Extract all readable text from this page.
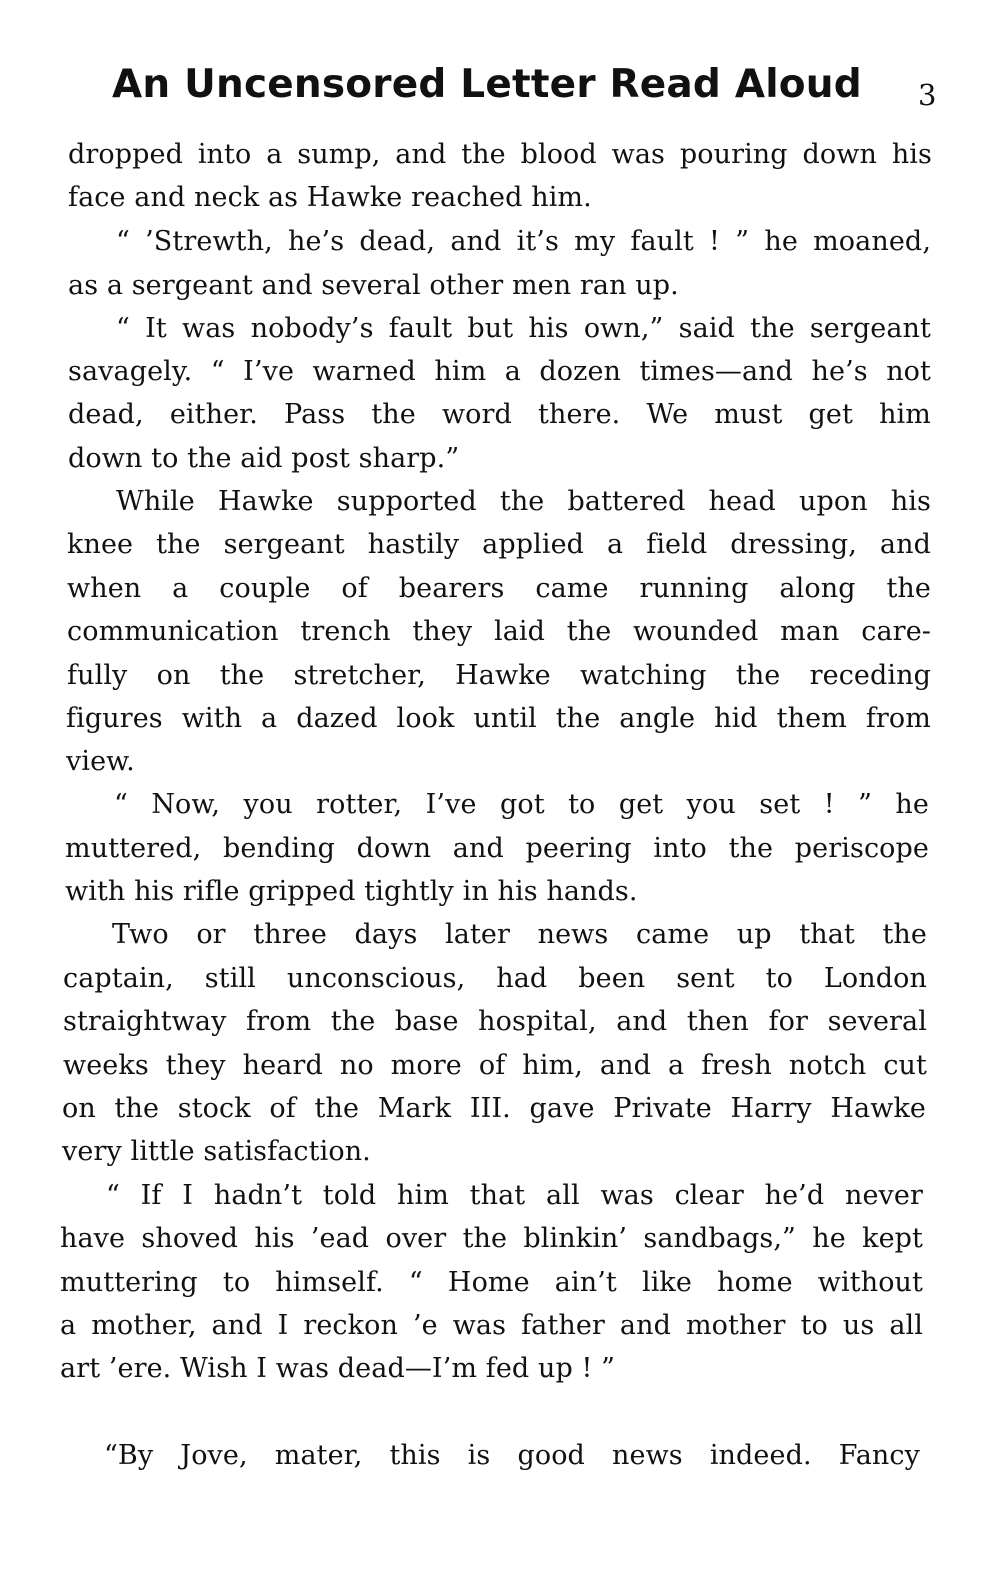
An Uncensored Letter Read Aloud 3
dropped into a sump, and the blood was pouring down his
face and neck as Hawke reached him.
“ ’Strewth, he’s dead, and it’s my fault ! ” he moaned,
as a sergeant and several other men ran up.
“ It was nobody’s fault but his own,” said the sergeant
savagely. “ I’ve warned him a dozen times—and he’s not
dead, either. Pass the word there. We must get him
down to the aid post sharp.”
While Hawke supported the battered head upon his
knee the sergeant hastily applied a field dressing, and
when a couple of bearers came running along the
communication trench they laid the wounded man care-
fully on the stretcher, Hawke watching the receding
figures with a dazed look until the angle hid them from
view.
“ Now, you rotter, I’ve got to get you set ! ” he
muttered, bending down and peering into the periscope
with his rifle gripped tightly in his hands.
Two or three days later news came up that the
captain, still unconscious, had been sent to London
straightway from the base hospital, and then for several
weeks they heard no more of him, and a fresh notch cut
on the stock of the Mark III. gave Private Harry Hawke
very little satisfaction.
“ If I hadn’t told him that all was clear he’d never
have shoved his ’ead over the blinkin’ sandbags,” he kept
muttering to himself. “ Home ain’t like home without
a mother, and I reckon ’e was father and mother to us all
art ’ere. Wish I was dead—I’m fed up ! ”
“By Jove, mater, this is good news indeed. Fancy
